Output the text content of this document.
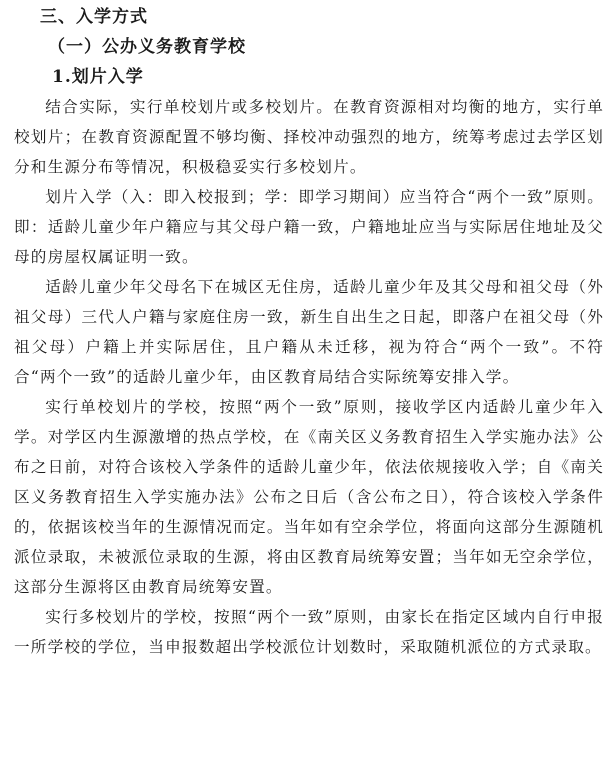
三、入学方式
（一）公办义务教育学校
1.划片入学

结合实际，实行单校划片或多校划片。在教育资源相对均衡的地方，实行单校划片；在教育资源配置不够均衡、择校冲动强烈的地方，统筹考虑过去学区划分和生源分布等情况，积极稳妥实行多校划片。

划片入学（入：即入校报到；学：即学习期间）应当符合“两个一致”原则。即：适龄儿童少年户籍应与其父母户籍一致，户籍地址应当与实际居住地址及父母的房屋权属证明一致。

适龄儿童少年父母名下在城区无住房，适龄儿童少年及其父母和祖父母（外祖父母）三代人户籍与家庭住房一致，新生自出生之日起，即落户在祖父母（外祖父母）户籍上并实际居住，且户籍从未迁移，视为符合“两个一致”。不符合“两个一致”的适龄儿童少年，由区教育局结合实际统筹安排入学。

实行单校划片的学校，按照“两个一致”原则，接收学区内适龄儿童少年入学。对学区内生源激增的热点学校，在《南关区义务教育招生入学实施办法》公布之日前，对符合该校入学条件的适龄儿童少年，依法依规接收入学；自《南关区义务教育招生入学实施办法》公布之日后（含公布之日），符合该校入学条件的，依据该校当年的生源情况而定。当年如有空余学位，将面向这部分生源随机派位录取，未被派位录取的生源，将由区教育局统筹安置；当年如无空余学位，这部分生源将区由教育局统筹安置。

实行多校划片的学校，按照“两个一致”原则，由家长在指定区域内自行申报一所学校的学位，当申报数超出学校派位计划数时，采取随机派位的方式录取。
